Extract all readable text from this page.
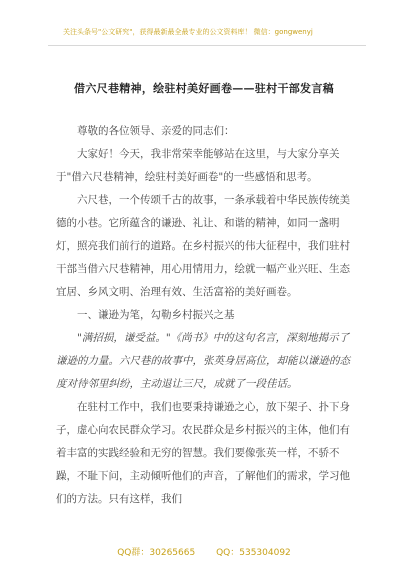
关注头条号"公文研究"，获得最新最全最专业的公文资料库！ 微信：gongwenyj
借六尺巷精神，绘驻村美好画卷——驻村干部发言稿

尊敬的各位领导、亲爱的同志们：

大家好！今天，我非常荣幸能够站在这里，与大家分享关于"借六尺巷精神，绘驻村美好画卷"的一些感悟和思考。

六尺巷，一个传颂千古的故事，一条承载着中华民族传统美德的小巷。它所蕴含的谦逊、礼让、和谐的精神，如同一盏明灯，照亮我们前行的道路。在乡村振兴的伟大征程中，我们驻村干部当借六尺巷精神，用心用情用力，绘就一幅产业兴旺、生态宜居、乡风文明、治理有效、生活富裕的美好画卷。

一、谦逊为笔，勾勒乡村振兴之基

"满招损，谦受益。"《尚书》中的这句名言，深刻地揭示了谦逊的力量。六尺巷的故事中，张英身居高位，却能以谦逊的态度对待邻里纠纷，主动退让三尺，成就了一段佳话。

在驻村工作中，我们也要秉持谦逊之心，放下架子、扑下身子，虚心向农民群众学习。农民群众是乡村振兴的主体，他们有着丰富的实践经验和无穷的智慧。我们要像张英一样，不骄不躁，不耻下问，主动倾听他们的声音，了解他们的需求，学习他们的方法。只有这样，我们

QQ群：30265665 QQ：535304092
